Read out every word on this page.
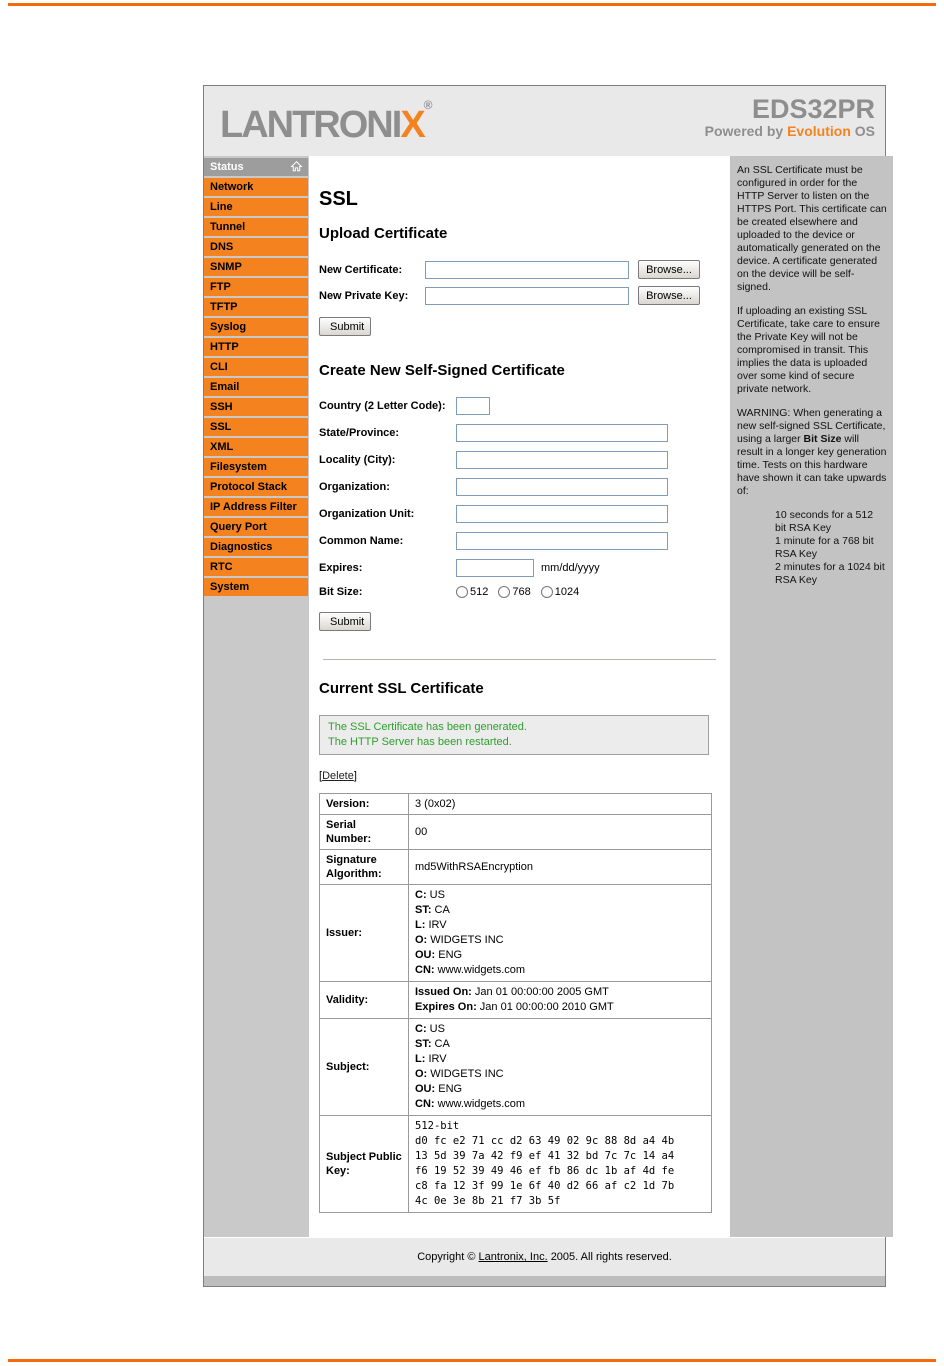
LANTRONIX®	EDS32PR
Powered by Evolution OS
Status
Network
Line
Tunnel
DNS
SNMP
FTP
TFTP
Syslog
HTTP
CLI
Email
SSH
SSL
XML
Filesystem
Protocol Stack
IP Address Filter
Query Port
Diagnostics
RTC
System
SSL
Upload Certificate
New Certificate:	Browse...
New Private Key:	Browse...
Submit
Create New Self-Signed Certificate
Country (2 Letter Code):
State/Province:
Locality (City):
Organization:
Organization Unit:
Common Name:
Expires:	mm/dd/yyyy
Bit Size:	512 768 1024
Submit
Current SSL Certificate
The SSL Certificate has been generated.
The HTTP Server has been restarted.
[Delete]
Version:	3 (0x02)
Serial Number:	00
Signature Algorithm:	md5WithRSAEncryption
Issuer:	
C: US
ST: CA
L: IRV
O: WIDGETS INC
OU: ENG
CN: www.widgets.com

Validity:	Issued On: Jan 01 00:00:00 2005 GMT
Expires On: Jan 01 00:00:00 2010 GMT

Subject:	
C: US
ST: CA
L: IRV
O: WIDGETS INC
OU: ENG
CN: www.widgets.com

Subject Public Key:	
512-bit
d0 fc e2 71 cc d2 63 49 02 9c 88 8d a4 4b
13 5d 39 7a 42 f9 ef 41 32 bd 7c 7c 14 a4
f6 19 52 39 49 46 ef fb 86 dc 1b af 4d fe
c8 fa 12 3f 99 1e 6f 40 d2 66 af c2 1d 7b
4c 0e 3e 8b 21 f7 3b 5f

An SSL Certificate must be configured in order for the HTTP Server to listen on the HTTPS Port. This certificate can be created elsewhere and uploaded to the device or automatically generated on the device. A certificate generated on the device will be self-signed.

If uploading an existing SSL Certificate, take care to ensure the Private Key will not be compromised in transit. This implies the data is uploaded over some kind of secure private network.

WARNING: When generating a new self-signed SSL Certificate, using a larger Bit Size will result in a longer key generation time. Tests on this hardware have shown it can take upwards of:

10 seconds for a 512 bit RSA Key
1 minute for a 768 bit RSA Key
2 minutes for a 1024 bit RSA Key
Copyright ©
Lantronix, Inc.
2005. All rights reserved.
